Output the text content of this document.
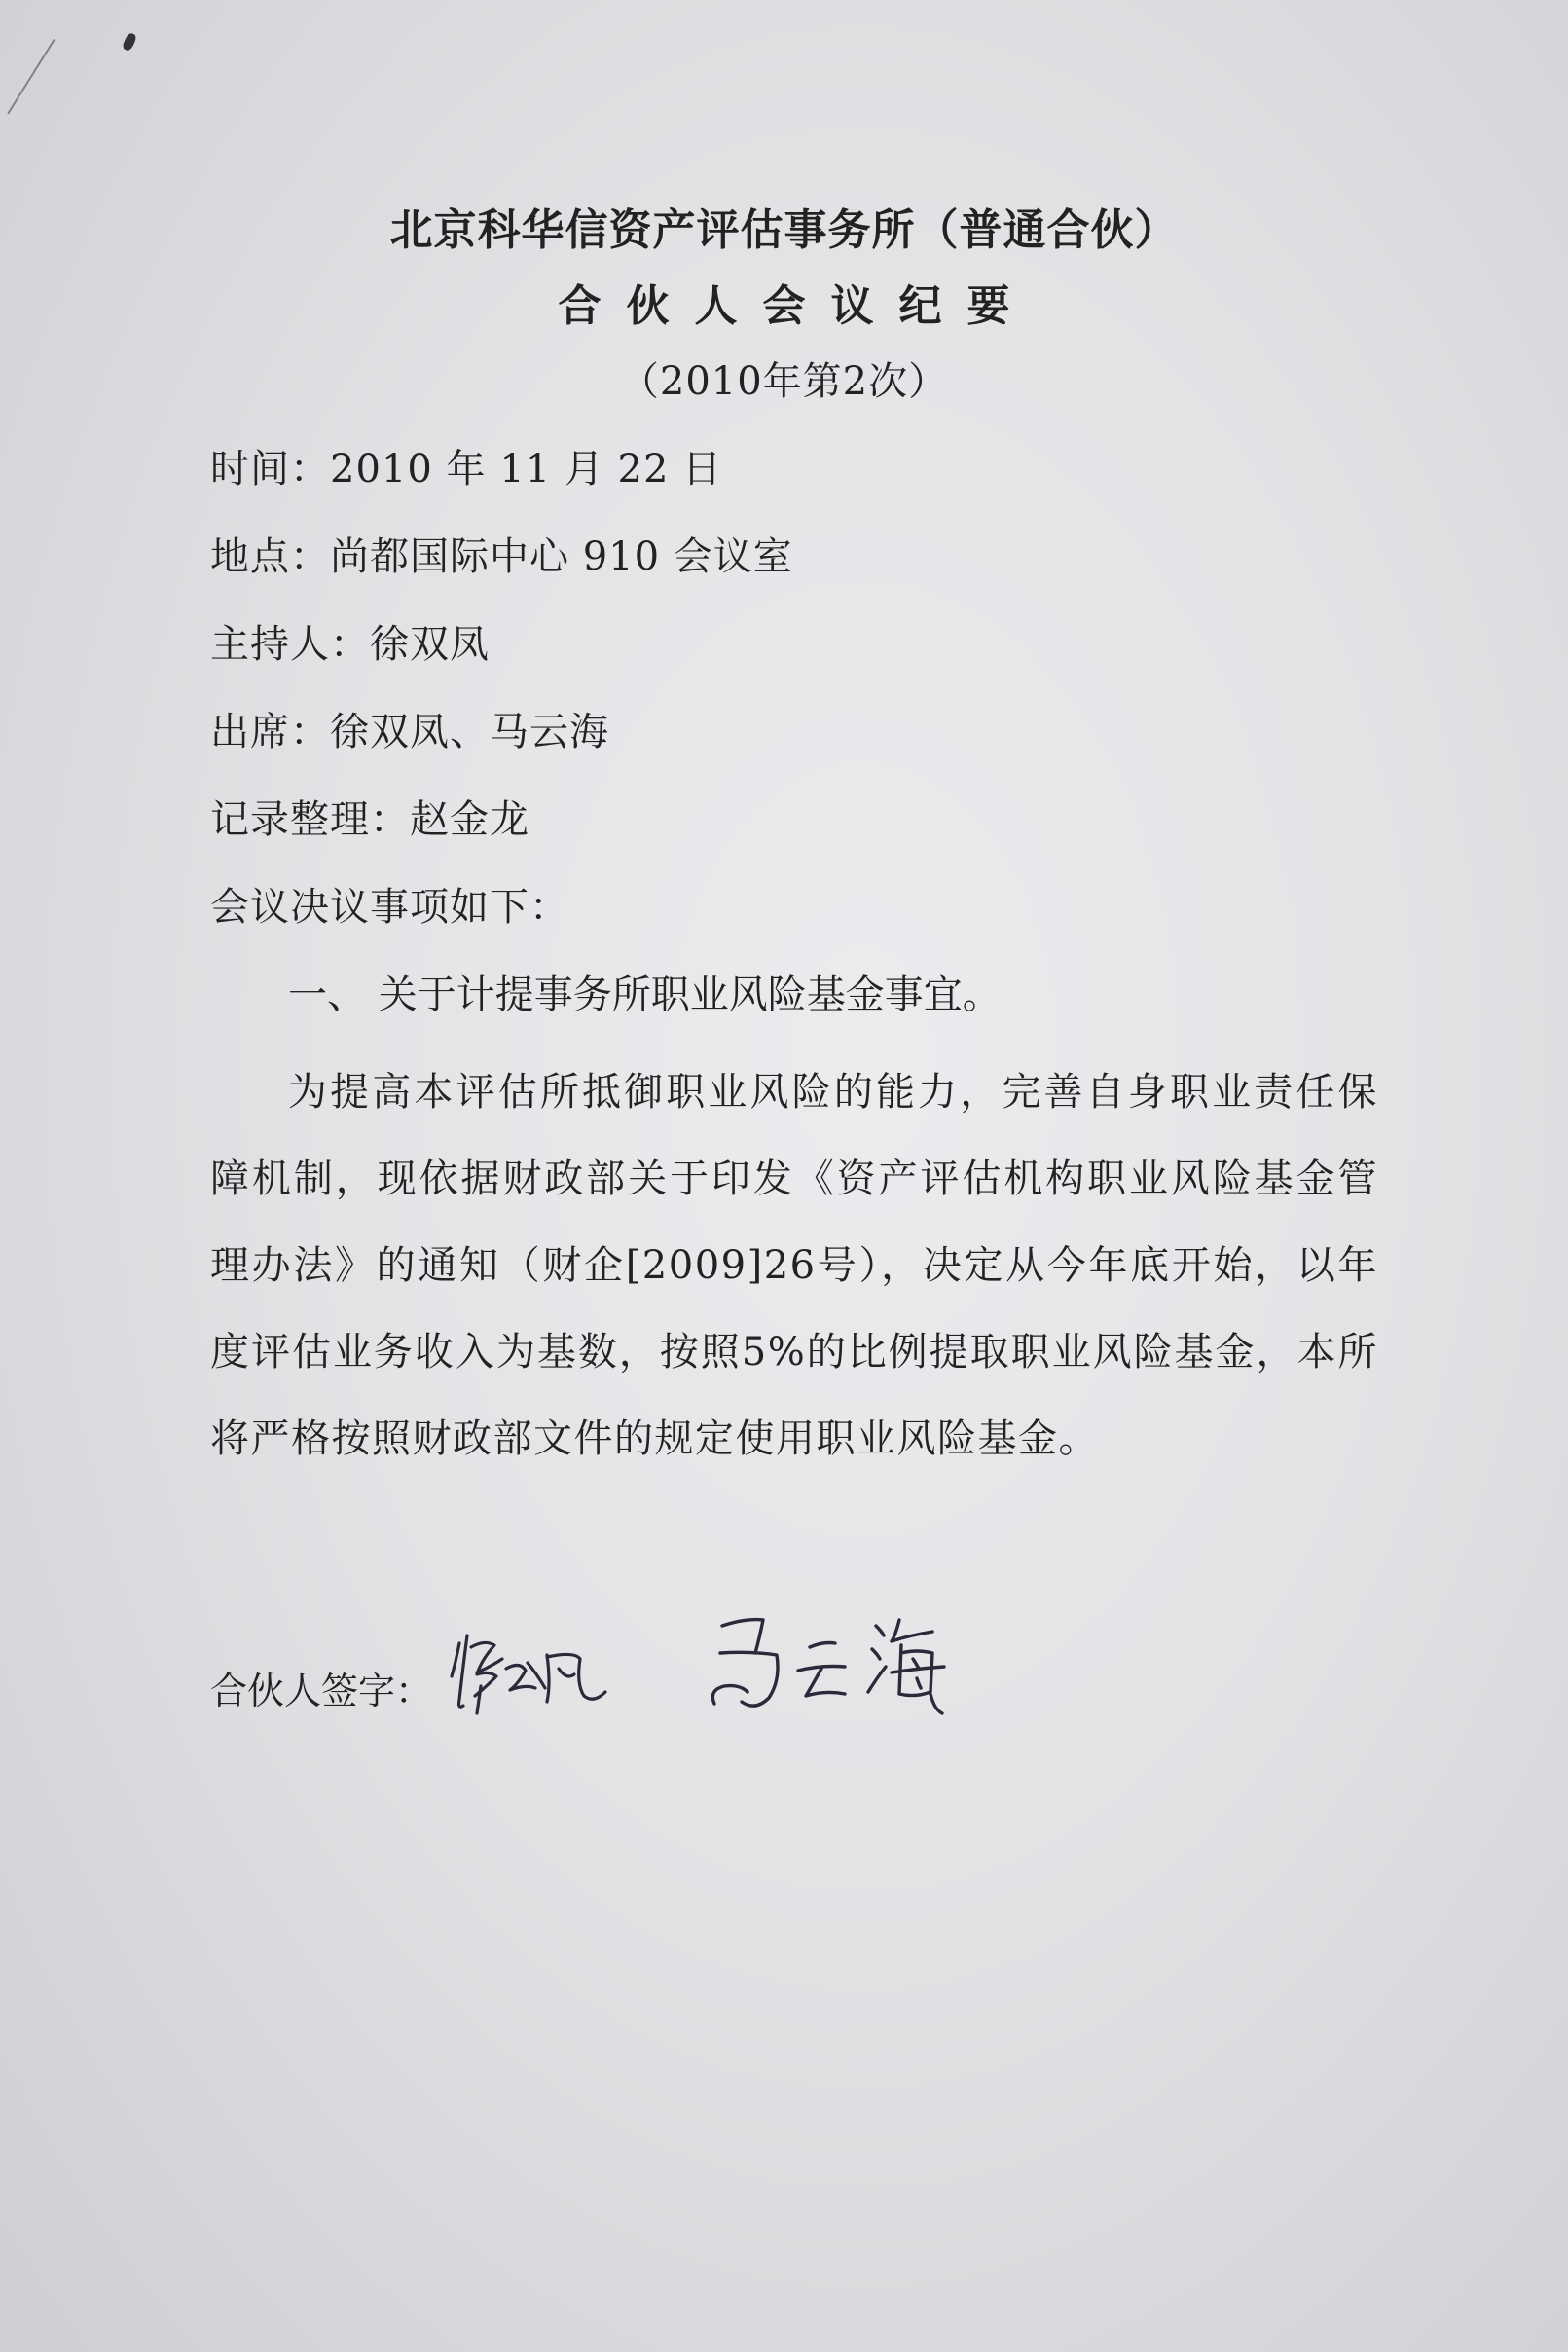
北京科华信资产评估事务所（普通合伙）
合伙人会议纪要
（2010年第2次）
时间：2010 年 11 月 22 日
地点：尚都国际中心 910 会议室
主持人：徐双凤
出席：徐双凤、马云海
记录整理：赵金龙
会议决议事项如下：
一、 关于计提事务所职业风险基金事宜。
为提高本评估所抵御职业风险的能力，完善自身职业责任保障机制，现依据财政部关于印发《资产评估机构职业风险基金管理办法》的通知（财企[2009]26号），决定从今年底开始，以年度评估业务收入为基数，按照5%的比例提取职业风险基金，本所将严格按照财政部文件的规定使用职业风险基金。
合伙人签字：
